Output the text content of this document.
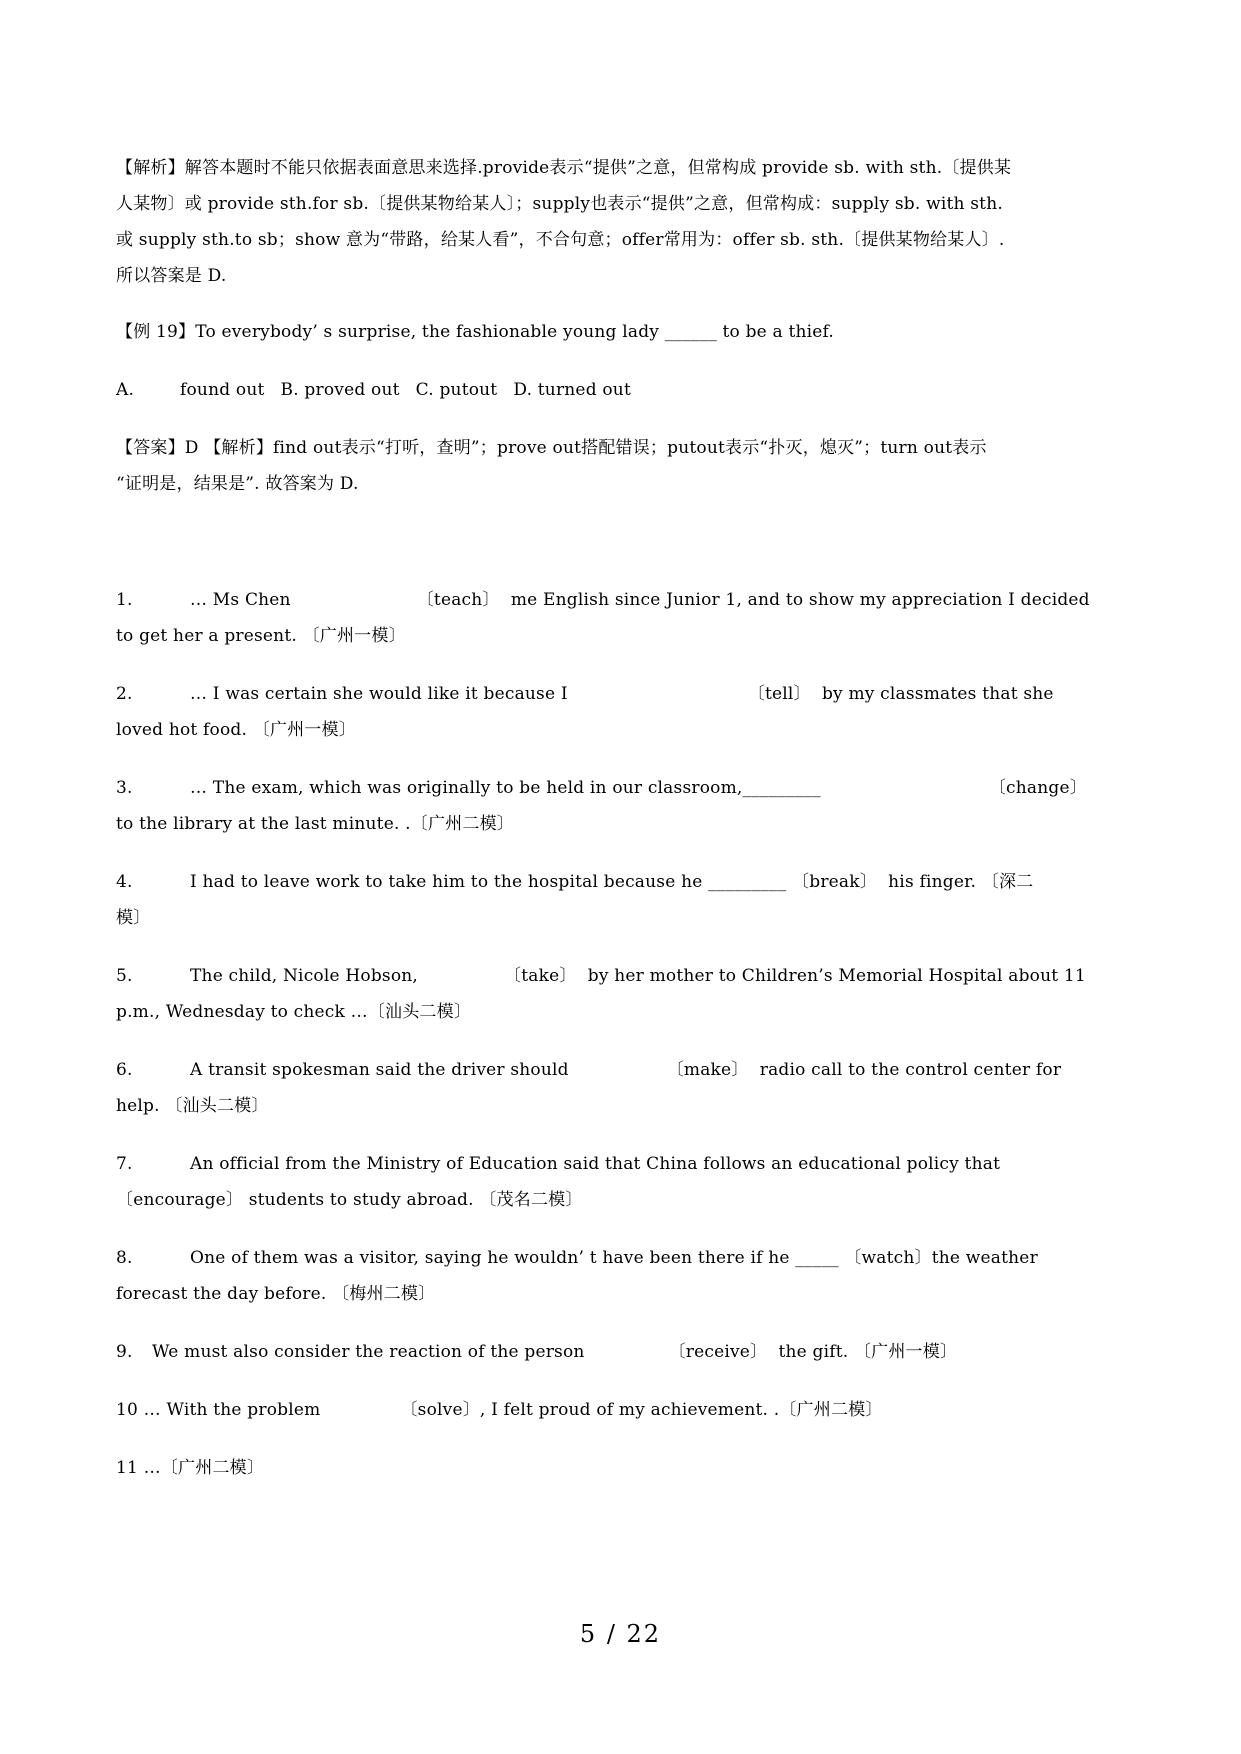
【解析】解答本题时不能只依据表面意思来选择.provide表示“提供”之意，但常构成 provide sb. with sth.〔提供某
人某物〕或 provide sth.for sb.〔提供某物给某人〕；supply也表示“提供”之意，但常构成：supply sb. with sth.
或 supply sth.to sb；show 意为“带路，给某人看”，不合句意；offer常用为：offer sb. sth.〔提供某物给某人〕.
所以答案是 D.
【例 19】To everybody’ s surprise, the fashionable young lady ______ to be a thief.
A.	found out B. proved out C. putout D. turned out
【答案】D 【解析】find out表示“打听，查明”；prove out搭配错误；putout表示“扑灭，熄灭”；turn out表示
“证明是，结果是”. 故答案为 D.
1.	… Ms Chen	〔teach〕 me English since Junior 1, and to show my appreciation I decided
to get her a present. 〔广州一模〕
2.	… I was certain she would like it because I	〔tell〕 by my classmates that she
loved hot food. 〔广州一模〕
3.	… The exam, which was originally to be held in our classroom,_________	〔change〕
to the library at the last minute. .〔广州二模〕
4.	I had to leave work to take him to the hospital because he _________ 〔break〕 his finger. 〔深二
模〕
5.	The child, Nicole Hobson,	〔take〕 by her mother to Children’s Memorial Hospital about 11
p.m., Wednesday to check …〔汕头二模〕
6.	A transit spokesman said the driver should	〔make〕 radio call to the control center for
help. 〔汕头二模〕
7.	An official from the Ministry of Education said that China follows an educational policy that
〔encourage〕 students to study abroad. 〔茂名二模〕
8.	One of them was a visitor, saying he wouldn’ t have been there if he _____ 〔watch〕the weather
forecast the day before. 〔梅州二模〕
9. We must also consider the reaction of the person	〔receive〕 the gift. 〔广州一模〕
10 … With the problem	〔solve〕, I felt proud of my achievement. .〔广州二模〕
11 …〔广州二模〕
5 / 22
